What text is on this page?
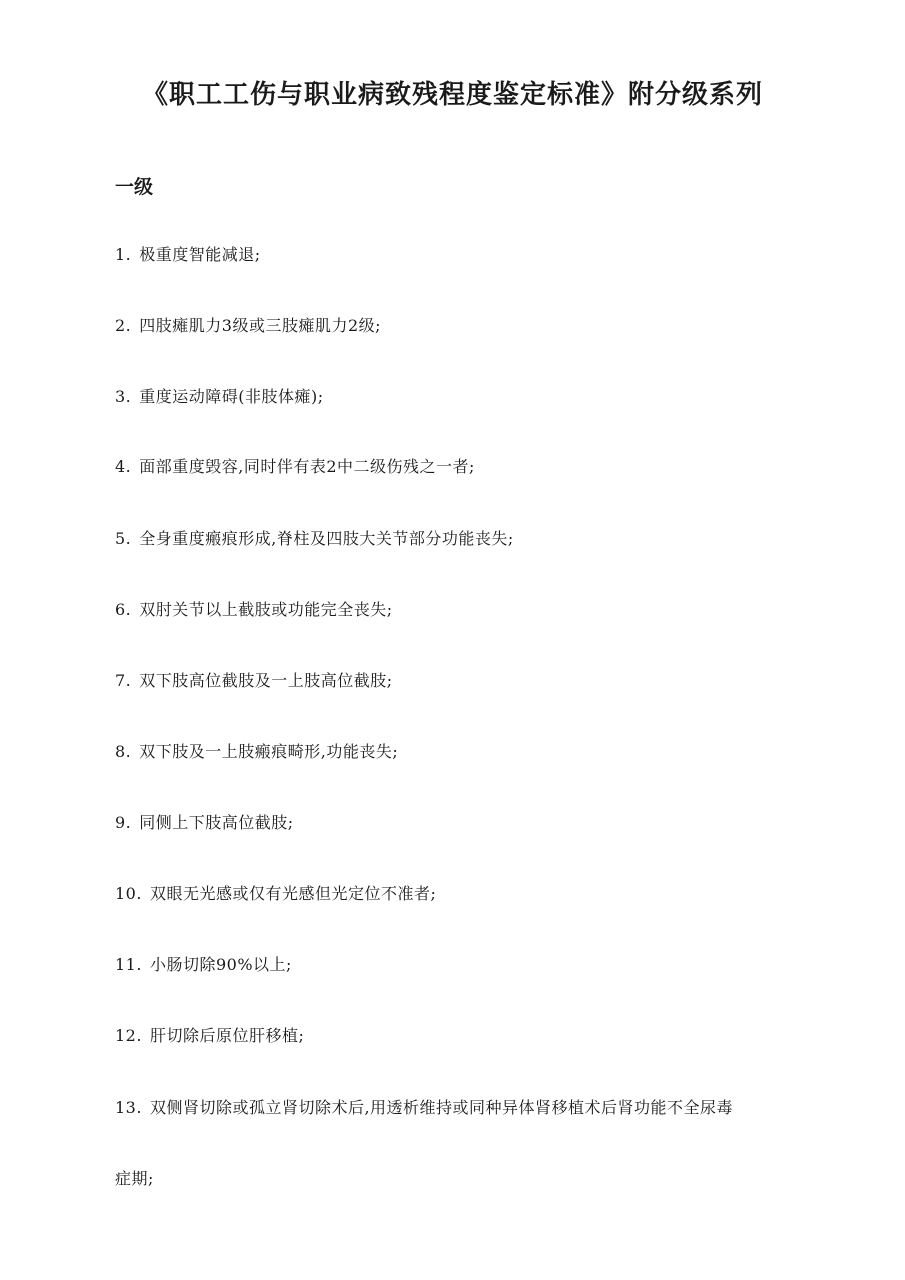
《职工工伤与职业病致残程度鉴定标准》附分级系列
一级

1. 极重度智能减退;

2. 四肢瘫肌力3级或三肢瘫肌力2级;

3. 重度运动障碍(非肢体瘫);

4. 面部重度毁容,同时伴有表2中二级伤残之一者;

5. 全身重度瘢痕形成,脊柱及四肢大关节部分功能丧失;

6. 双肘关节以上截肢或功能完全丧失;

7. 双下肢高位截肢及一上肢高位截肢;

8. 双下肢及一上肢瘢痕畸形,功能丧失;

9. 同侧上下肢高位截肢;

10. 双眼无光感或仅有光感但光定位不准者;

11. 小肠切除90%以上;

12. 肝切除后原位肝移植;

13. 双侧肾切除或孤立肾切除术后,用透析维持或同种异体肾移植术后肾功能不全尿毒

症期;
